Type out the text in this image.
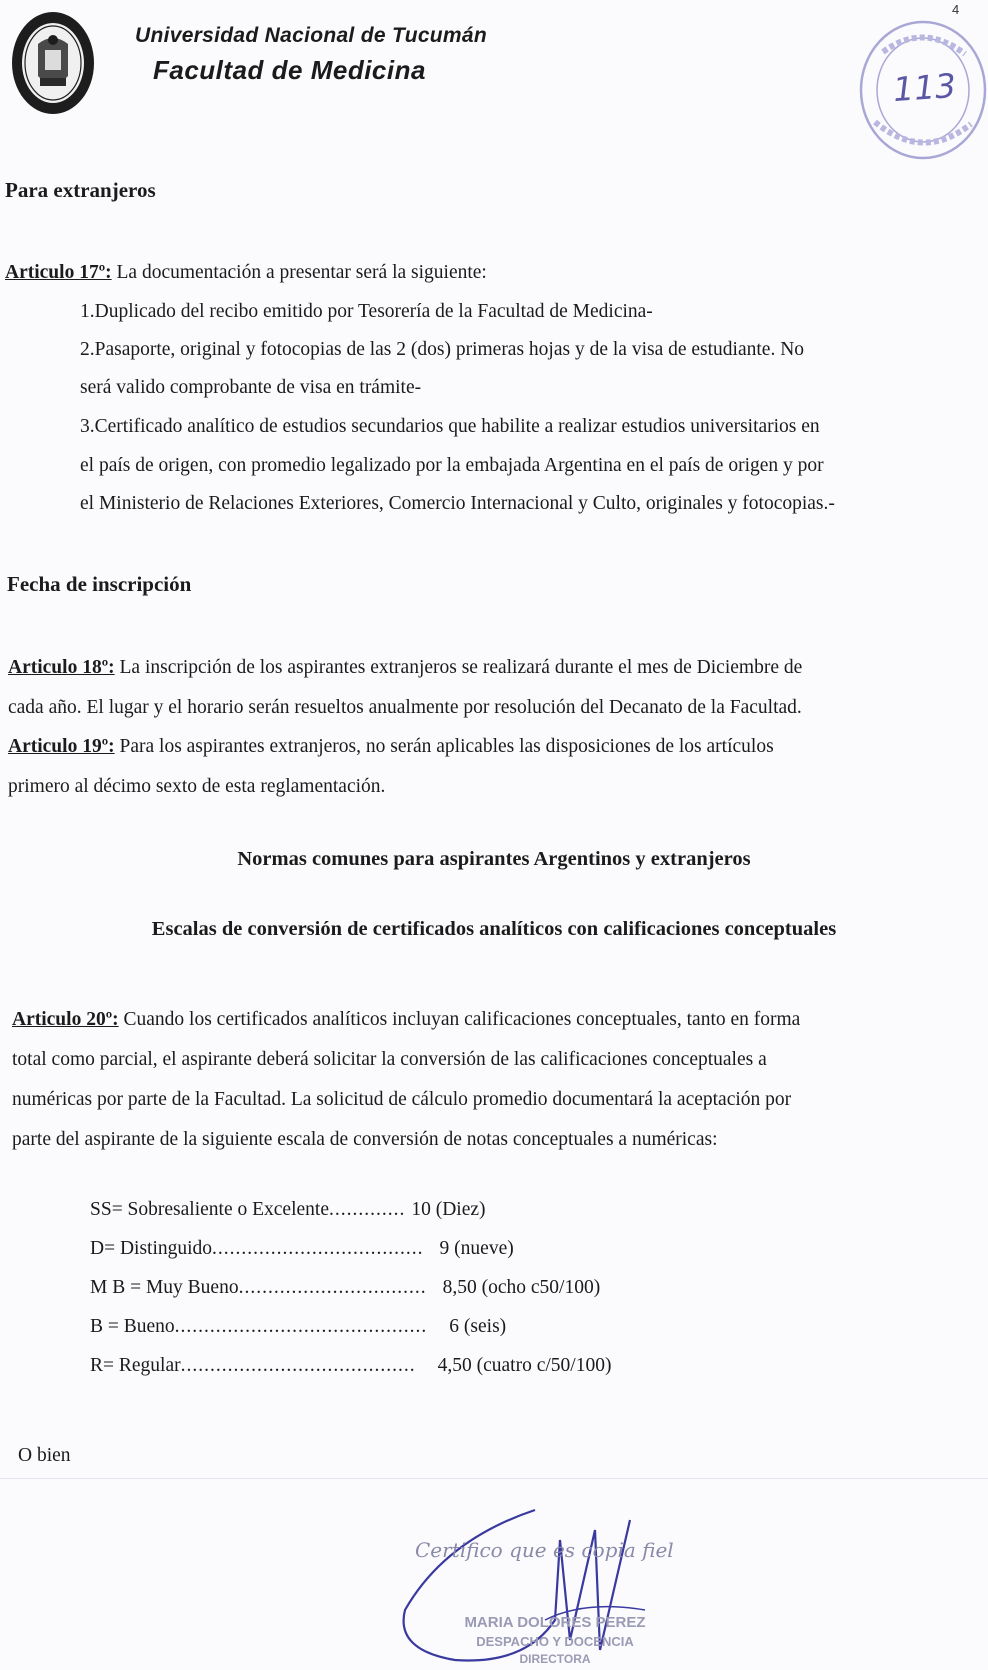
4
Universidad Nacional de Tucumán
Facultad de Medicina	113
Para extranjeros
Articulo 17º: La documentación a presentar será la siguiente:
1.Duplicado del recibo emitido por Tesorería de la Facultad de Medicina-
2.Pasaporte, original y fotocopias de las 2 (dos) primeras hojas y de la visa de estudiante. No
será valido comprobante de visa en trámite-
3.Certificado analítico de estudios secundarios que habilite a realizar estudios universitarios en
el país de origen, con promedio legalizado por la embajada Argentina en el país de origen y por
el Ministerio de Relaciones Exteriores, Comercio Internacional y Culto, originales y fotocopias.-
Fecha de inscripción
Articulo 18º: La inscripción de los aspirantes extranjeros se realizará durante el mes de Diciembre de
cada año. El lugar y el horario serán resueltos anualmente por resolución del Decanato de la Facultad.
Articulo 19º: Para los aspirantes extranjeros, no serán aplicables las disposiciones de los artículos
primero al décimo sexto de esta reglamentación.
Normas comunes para aspirantes Argentinos y extranjeros
Escalas de conversión de certificados analíticos con calificaciones conceptuales
Articulo 20º: Cuando los certificados analíticos incluyan calificaciones conceptuales, tanto en forma
total como parcial, el aspirante deberá solicitar la conversión de las calificaciones conceptuales a
numéricas por parte de la Facultad. La solicitud de cálculo promedio documentará la aceptación por
parte del aspirante de la siguiente escala de conversión de notas conceptuales a numéricas:
SS= Sobresaliente o Excelente ............. 10 (Diez)
D= Distinguido .................................... 9 (nueve)
M B = Muy Bueno ................................ 8,50 (ocho c50/100)
B = Bueno ...........................................	6 (seis)
R= Regular ........................................	4,50 (cuatro c/50/100)
O bien
Certifico que es copia fiel
MARIA DOLORES PEREZ
DESPACHO Y DOCENCIA
DIRECTORA
